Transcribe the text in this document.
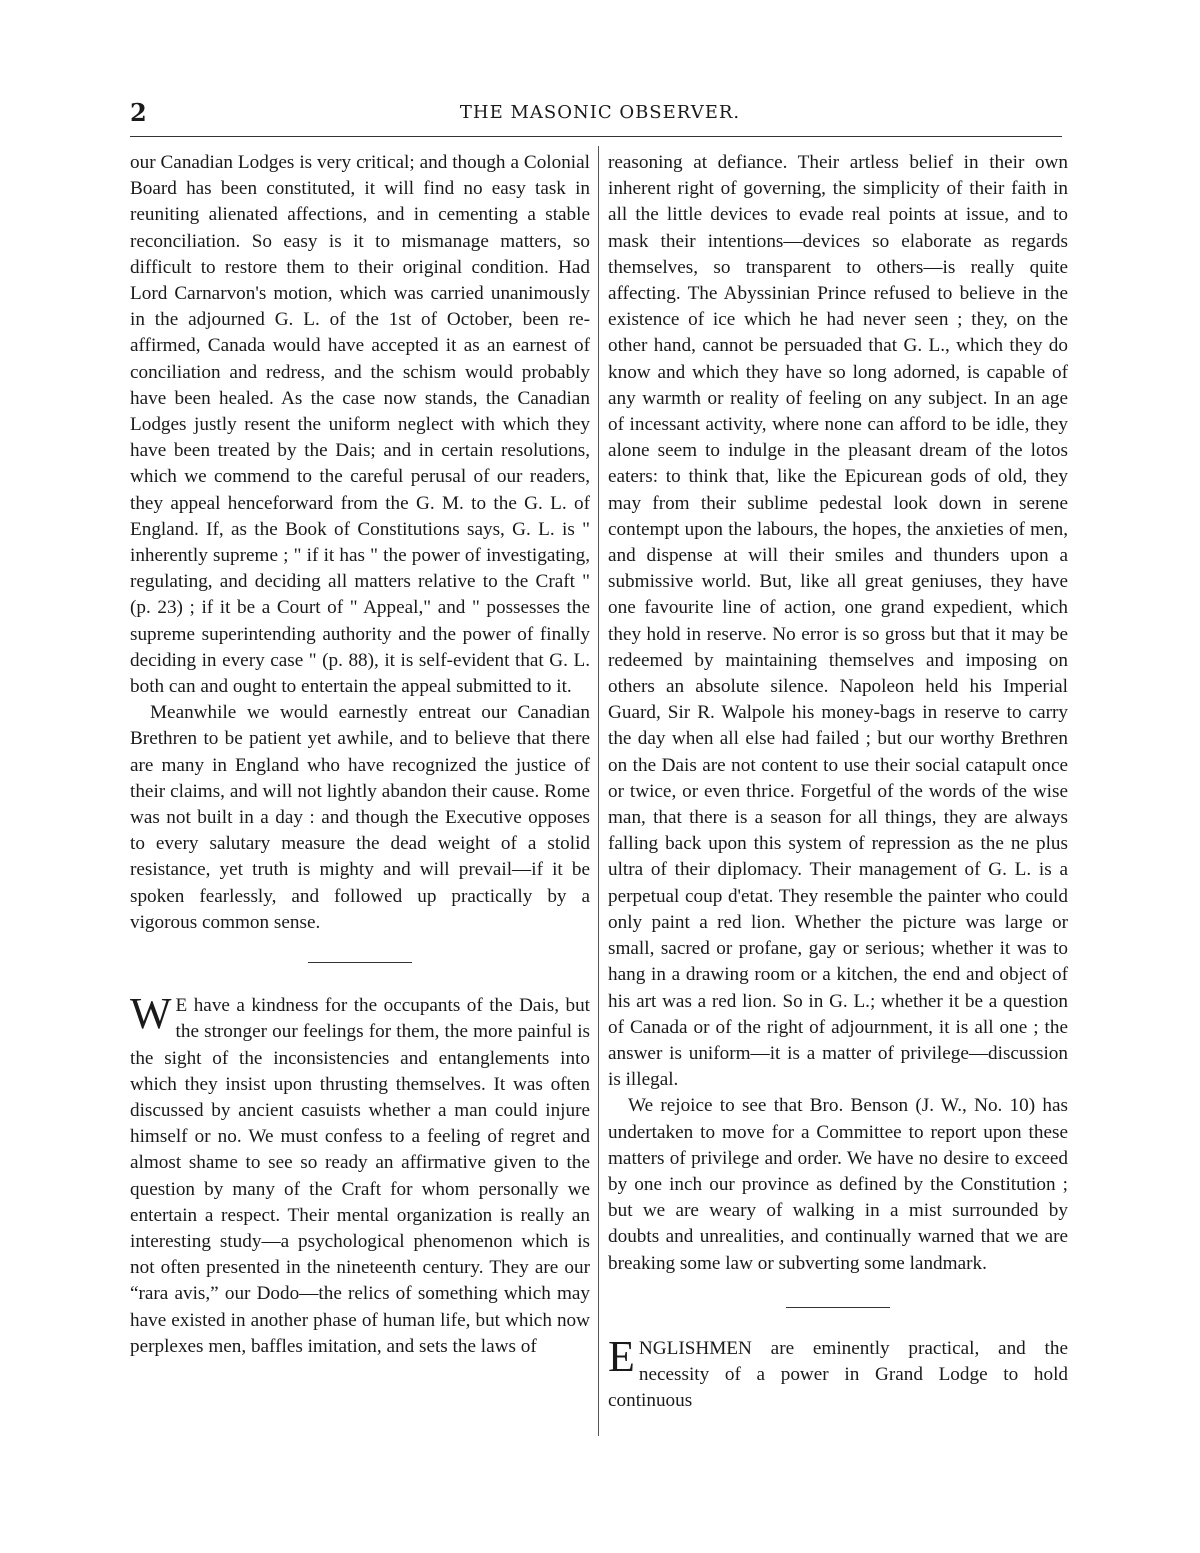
2	THE MASONIC OBSERVER.

our Canadian Lodges is very critical; and though a Colonial Board has been constituted, it will find no easy task in reuniting alienated affections, and in cementing a stable reconciliation. So easy is it to mismanage matters, so difficult to restore them to their original condition. Had Lord Carnarvon's motion, which was carried unanimously in the adjourned G. L. of the 1st of October, been re-affirmed, Canada would have accepted it as an earnest of conciliation and redress, and the schism would probably have been healed. As the case now stands, the Canadian Lodges justly resent the uniform neglect with which they have been treated by the Dais; and in certain resolutions, which we commend to the careful perusal of our readers, they appeal henceforward from the G. M. to the G. L. of England. If, as the Book of Constitutions says, G. L. is " inherently supreme ; " if it has " the power of investigating, regulating, and deciding all matters relative to the Craft " (p. 23) ; if it be a Court of " Appeal," and " possesses the supreme superintending authority and the power of finally deciding in every case " (p. 88), it is self-evident that G. L. both can and ought to entertain the appeal submitted to it.

Meanwhile we would earnestly entreat our Canadian Brethren to be patient yet awhile, and to believe that there are many in England who have recognized the justice of their claims, and will not lightly abandon their cause. Rome was not built in a day : and though the Executive opposes to every salutary measure the dead weight of a stolid resistance, yet truth is mighty and will prevail—if it be spoken fearlessly, and followed up practically by a vigorous common sense.

W E have a kindness for the occupants of the Dais, but the stronger our feelings for them, the more painful is the sight of the inconsistencies and entanglements into which they insist upon thrusting themselves. It was often discussed by ancient casuists whether a man could injure himself or no. We must confess to a feeling of regret and almost shame to see so ready an affirmative given to the question by many of the Craft for whom personally we entertain a respect. Their mental organization is really an interesting study—a psychological phenomenon which is not often presented in the nineteenth century. They are our “rara avis,” our Dodo—the relics of something which may have existed in another phase of human life, but which now perplexes men, baffles imitation, and sets the laws of

reasoning at defiance. Their artless belief in their own inherent right of governing, the simplicity of their faith in all the little devices to evade real points at issue, and to mask their intentions—devices so elaborate as regards themselves, so transparent to others—is really quite affecting. The Abyssinian Prince refused to believe in the existence of ice which he had never seen ; they, on the other hand, cannot be persuaded that G. L., which they do know and which they have so long adorned, is capable of any warmth or reality of feeling on any subject. In an age of incessant activity, where none can afford to be idle, they alone seem to indulge in the pleasant dream of the lotos eaters: to think that, like the Epicurean gods of old, they may from their sublime pedestal look down in serene contempt upon the labours, the hopes, the anxieties of men, and dispense at will their smiles and thunders upon a submissive world. But, like all great geniuses, they have one favourite line of action, one grand expedient, which they hold in reserve. No error is so gross but that it may be redeemed by maintaining themselves and imposing on others an absolute silence. Napoleon held his Imperial Guard, Sir R. Walpole his money-bags in reserve to carry the day when all else had failed ; but our worthy Brethren on the Dais are not content to use their social catapult once or twice, or even thrice. Forgetful of the words of the wise man, that there is a season for all things, they are always falling back upon this system of repression as the ne plus ultra of their diplomacy. Their management of G. L. is a perpetual coup d'etat. They resemble the painter who could only paint a red lion. Whether the picture was large or small, sacred or profane, gay or serious; whether it was to hang in a drawing room or a kitchen, the end and object of his art was a red lion. So in G. L.; whether it be a question of Canada or of the right of adjournment, it is all one ; the answer is uniform—it is a matter of privilege—discussion is illegal.

We rejoice to see that Bro. Benson (J. W., No. 10) has undertaken to move for a Committee to report upon these matters of privilege and order. We have no desire to exceed by one inch our province as defined by the Constitution ; but we are weary of walking in a mist surrounded by doubts and unrealities, and continually warned that we are breaking some law or subverting some landmark.

ENGLISHMEN are eminently practical, and the necessity of a power in Grand Lodge to hold continuous
